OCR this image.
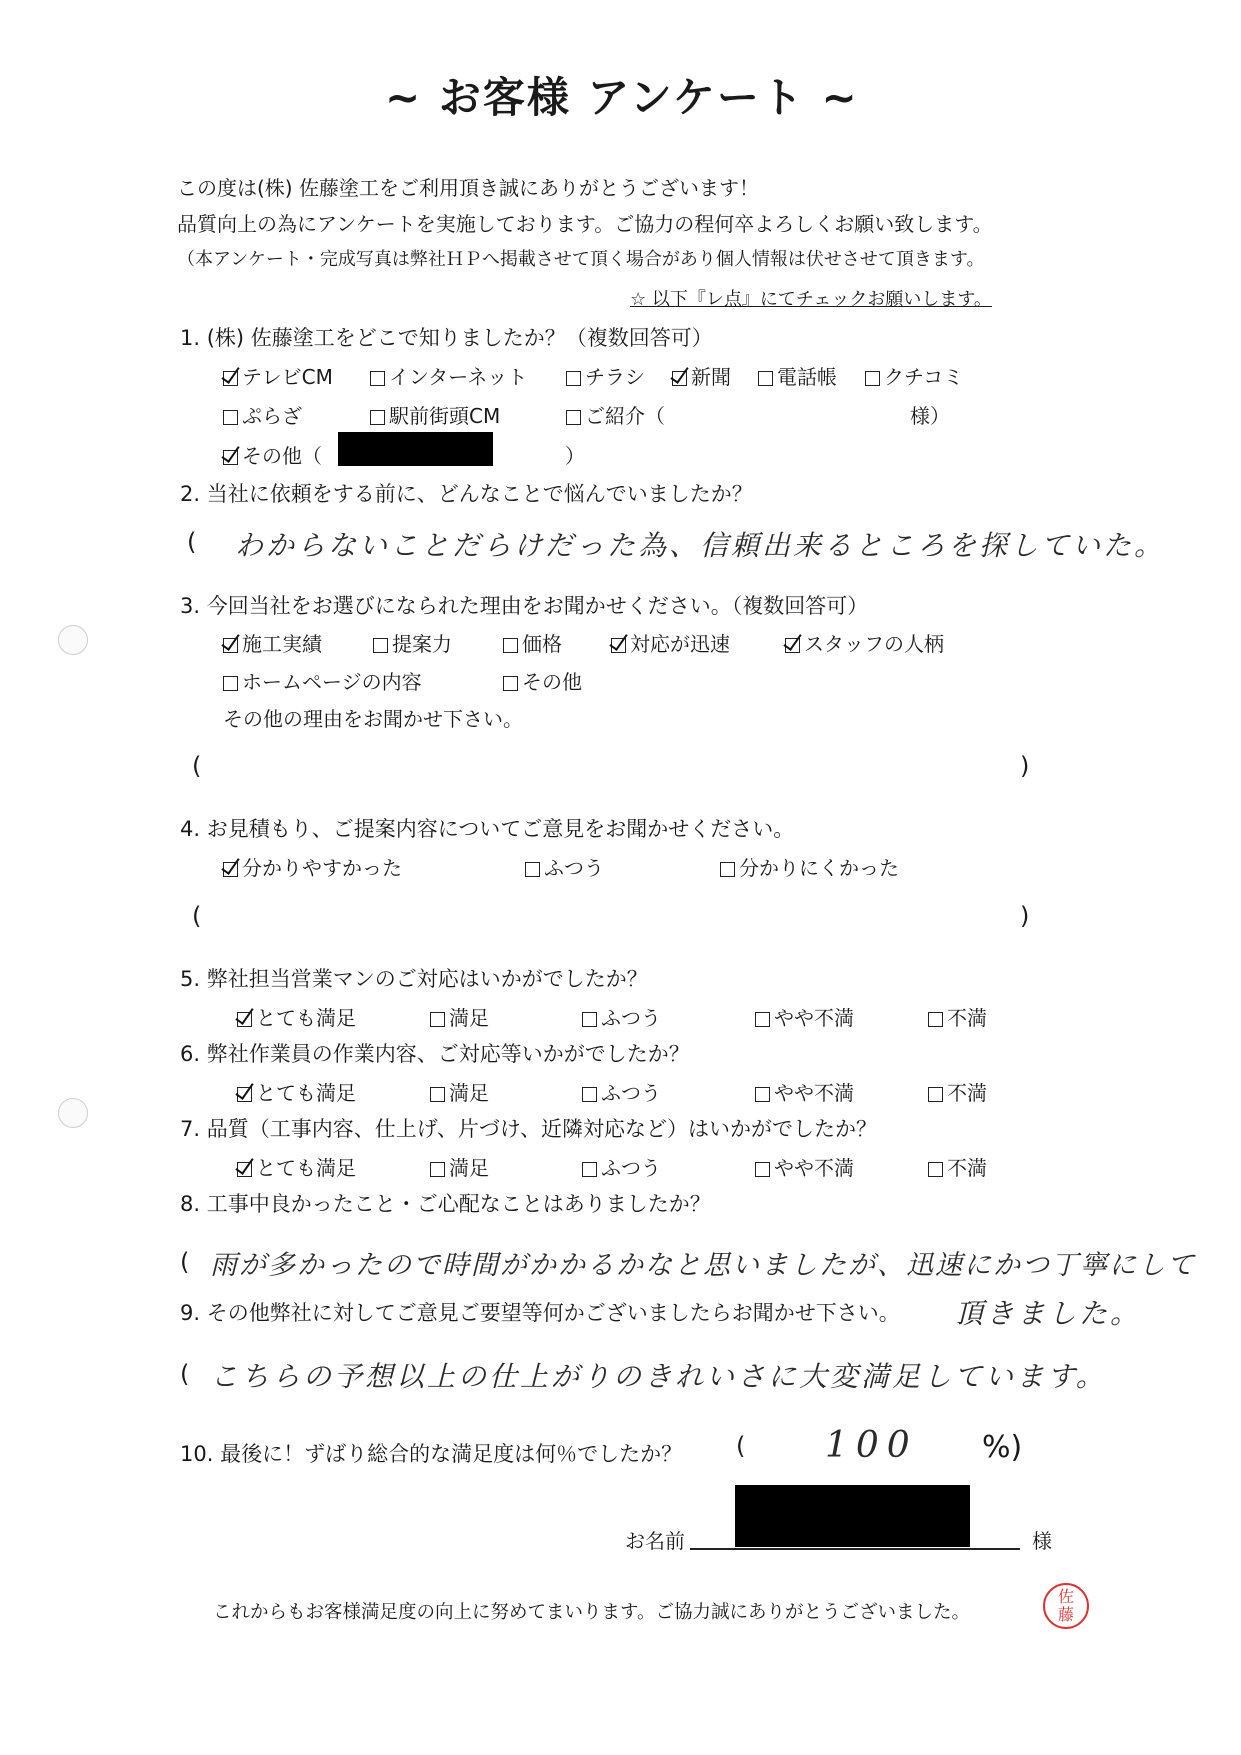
~ お客様 アンケート ~
この度は(株) 佐藤塗工をご利用頂き誠にありがとうございます！
品質向上の為にアンケートを実施しております。ご協力の程何卒よろしくお願い致します。
（本アンケート・完成写真は弊社ＨＰへ掲載させて頂く場合があり個人情報は伏せさせて頂きます。
☆ 以下『レ点』にてチェックお願いします。
1. (株) 佐藤塗工をどこで知りましたか？（複数回答可）
テレビCM	インターネット	チラシ	新聞	電話帳	クチコミ
ぷらざ	駅前街頭CM	ご紹介（	様）
その他（	）
2. 当社に依頼をする前に、どんなことで悩んでいましたか？
( わからないことだらけだった為、信頼出来るところを探していた。
3. 今回当社をお選びになられた理由をお聞かせください。（複数回答可）
施工実績	提案力	価格	対応が迅速	スタッフの人柄
ホームページの内容	その他
その他の理由をお聞かせ下さい。
(	)
4. お見積もり、ご提案内容についてご意見をお聞かせください。
分かりやすかった	ふつう	分かりにくかった
(	)
5. 弊社担当営業マンのご対応はいかがでしたか？
とても満足	満足	ふつう	やや不満	不満
6. 弊社作業員の作業内容、ご対応等いかがでしたか？
とても満足	満足	ふつう	やや不満	不満
7. 品質（工事内容、仕上げ、片づけ、近隣対応など）はいかがでしたか？
とても満足	満足	ふつう	やや不満	不満
8. 工事中良かったこと・ご心配なことはありましたか？
( 雨が多かったので時間がかかるかなと思いましたが、迅速にかつ丁寧にして
9. その他弊社に対してご意見ご要望等何かございましたらお聞かせ下さい。 頂きました。
( こちらの予想以上の仕上がりのきれいさに大変満足しています。
10. 最後に！ずばり総合的な満足度は何％でしたか？ ( 100 %)
お名前	様
これからもお客様満足度の向上に努めてまいります。ご協力誠にありがとうございました。
佐
藤
